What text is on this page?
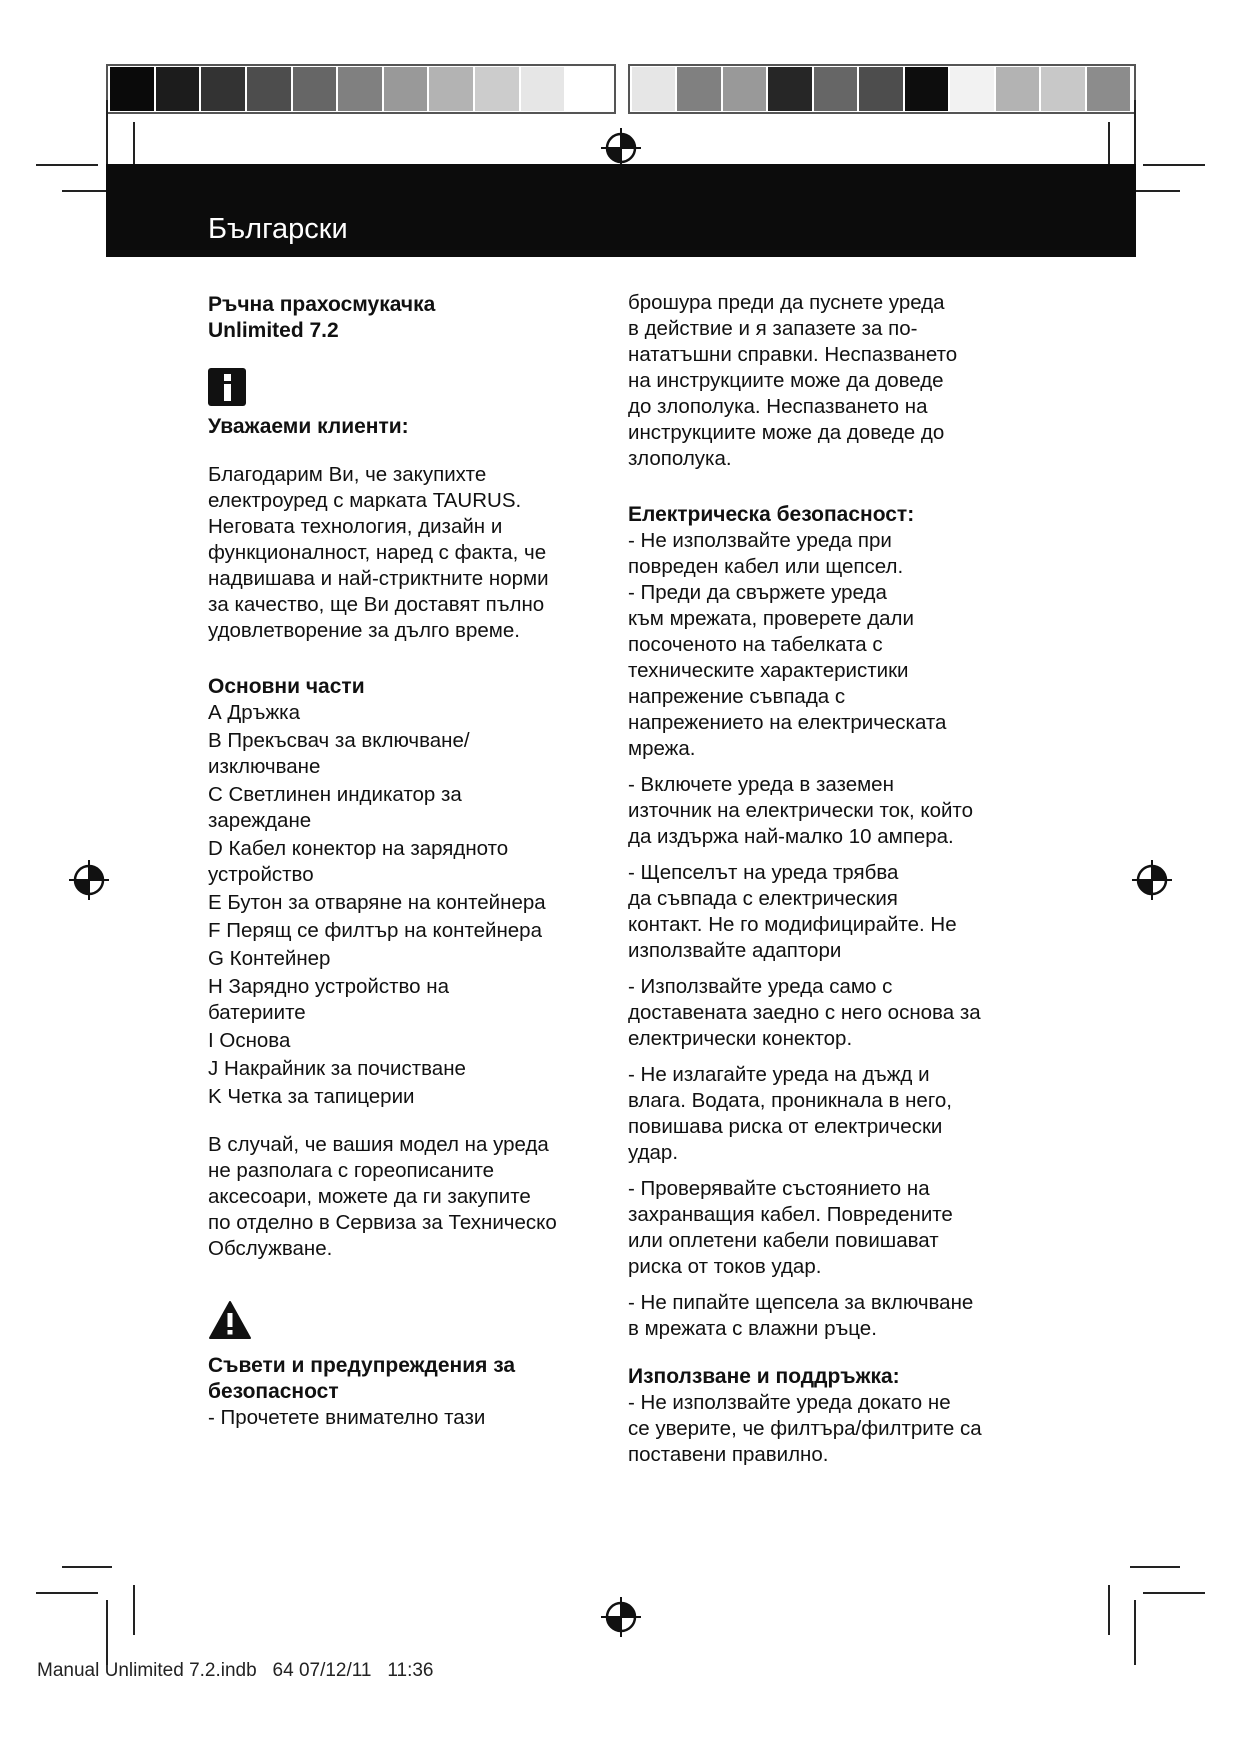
Български

Ръчна прахосмукачка

Unlimited 7.2

Уважаеми клиенти:

Благодарим Ви, че закупихте

електроуред с марката TAURUS.

Неговата технология, дизайн и

функционалност, наред с факта, че

надвишава и най-стриктните норми

за качество, ще Ви доставят пълно

удовлетворение за дълго време.

Основни части

А Дръжка

B Прекъсвач за включване/

изключване

C Светлинен индикатор за

зареждане

D Кабел конектор на зарядното

устройство

E Бутон за отваряне на контейнера

F Перящ се филтър на контейнера

G Контейнер

H Зарядно устройство на

батериите

I Основа

J Накрайник за почистване

K Четка за тапицерии

В случай, че вашия модел на уреда

не разполага с гореописаните

аксесоари, можете да ги закупите

по отделно в Сервиза за Техническо

Обслужване.

Съвети и предупреждения за

безопасност

- Прочетете внимателно тази

брошура преди да пуснете уреда

в действие и я запазете за по-

нататъшни справки. Неспазването

на инструкциите може да доведе

до злополука. Неспазването на

инструкциите може да доведе до

злополука.

Електрическа безопасност:

- Не използвайте уреда при

повреден кабел или щепсел.

- Преди да свържете уреда

към мрежата, проверете дали

посоченото на табелката с

техническите характеристики

напрежение съвпада с

напрежението на електрическата

мрежа.

- Включете уреда в заземен

източник на електрически ток, който

да издържа най-малко 10 ампера.

- Щепселът на уреда трябва

да съвпада с електрическия

контакт. Не го модифицирайте. Не

използвайте адаптори

- Използвайте уреда само с

доставената заедно с него основа за

електрически конектор.

- Не излагайте уреда на дъжд и

влага. Водата, проникнала в него,

повишава риска от електрически

удар.

- Проверявайте състоянието на

захранващия кабел. Повредените

или оплетени кабели повишават

риска от токов удар.

- Не пипайте щепсела за включване

в мрежата с влажни ръце.

Използване и поддръжка:

- Не използвайте уреда докато не

се уверите, че филтъра/филтрите са

поставени правилно.

Manual Unlimited 7.2.indb 64 07/12/11 11:36
